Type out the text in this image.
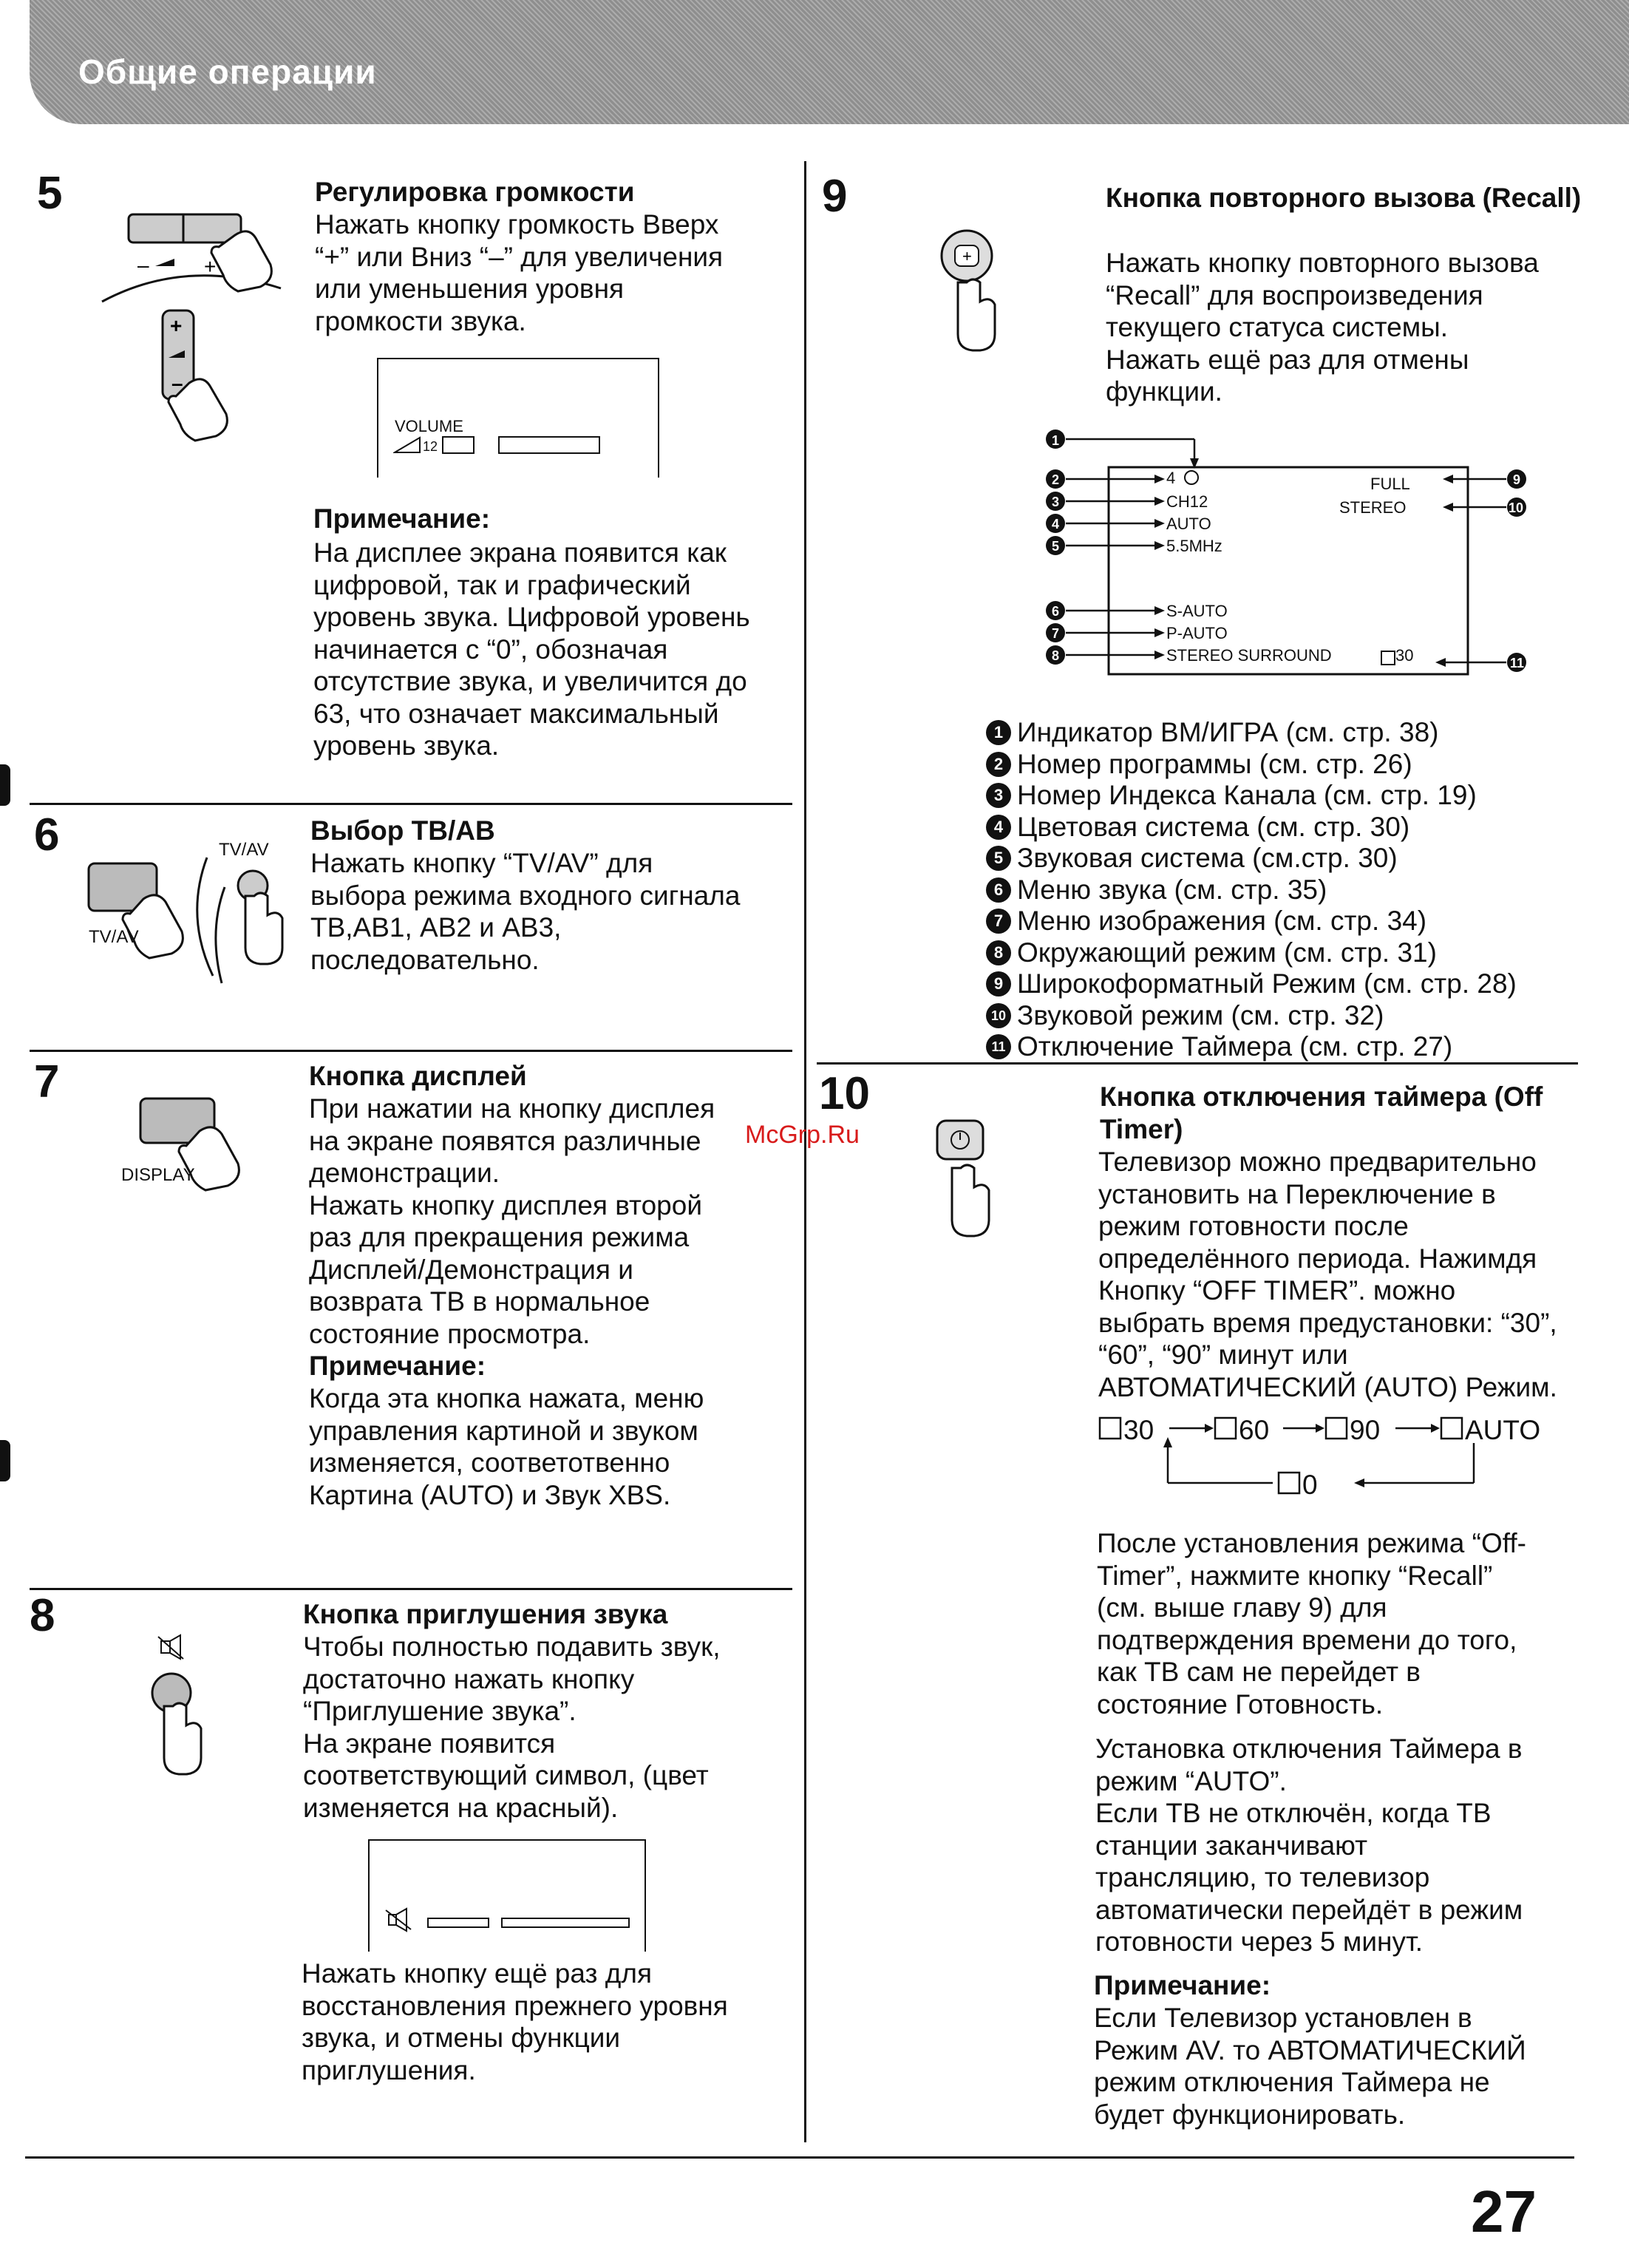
Общие операции
5
–	+
+
–
Регулировка громкости
Нажать кнопку громкость Вверх
“+” или Вниз “–” для увеличения
или уменьшения уровня
громкости звука.
VOLUME
12
Примечание:
На дисплее экрана появится как
цифровой, так и графический
уровень звука. Цифровой уровень
начинается с “0”, обозначая
отсутствие звука, и увеличится до
63, что означает максимальный
уровень звука.
6	TV/AV
TV/AV
Выбор ТВ/АВ
Нажать кнопку “TV/AV” для
выбора режима входного сигнала
ТВ,АВ1, АВ2 и АВ3,
последовательно.
7
DISPLAY
Кнопка дисплей
При нажатии на кнопку дисплея
на экране появятся различные
демонстрации.
Нажать кнопку дисплея второй
раз для прекращения режима
Дисплей/Демонстрация и
возврата ТВ в нормальное
состояние просмотра.
Примечание:
Когда эта кнопка нажата, меню
управления картиной и звуком
изменяется, соответотвенно
Картина (AUTO) и Звук XBS.
8	Кнопка приглушения звука
Чтобы полностью подавить звук,
достаточно нажать кнопку
“Приглушение звука”.
На экране появится
соответствующий символ, (цвет
изменяется на красный).
Нажать кнопку ещё раз для
восстановления прежнего уровня
звука, и отмены функции
приглушения.
9
+
Кнопка повторного вызова (Recall)
Нажать кнопку повторного вызова
“Recall” для воспроизведения
текущего статуса системы.
Нажать ещё раз для отмены
функции.
1
2
3
4
5
6
7
8
9
10
11
4
CH12
AUTO
5.5MHz
S-AUTO
P-AUTO
STEREO SURROUND
FULL
STEREO
30
1 Индикатор ВМ/ИГРА (см. стр. 38)
2 Номер программы (см. стр. 26)
3 Номер Индекса Канала (см. стр. 19)
4 Цветовая система (см. стр. 30)
5 Звуковая система (см.стр. 30)
6 Меню звука (см. стр. 35)
7 Меню изображения (см. стр. 34)
8 Окружающий режим (см. стр. 31)
9 Широкоформатный Режим (см. стр. 28)
10 Звуковой режим (см. стр. 32)
11 Отключение Таймера (см. стр. 27)
10	Кнопка отключения таймера (Off Timer)
Телевизор можно предварительно
установить на Переключение в
режим готовности после
определённого периода. Нажимдя
Кнопку “OFF TIMER”. можно
выбрать время предустановки: “30”,
“60”, “90” минут или
АВТОМАТИЧЕСКИЙ (AUTO) Режим.
30	60	90	AUTO
0
После установления режима “Off-
Timer”, нажмите кнопку “Recall”
(см. выше главу 9) для
подтверждения времени до того,
как ТВ сам не перейдет в
состояние Готовность.
Установка отключения Таймера в
режим “AUTO”.
Если ТВ не отключён, когда ТВ
станции заканчивают
трансляцию, то телевизор
автоматически перейдёт в режим
готовности через 5 минут.
Примечание:
Если Телевизор установлен в
Режим AV. то АВТОМАТИЧЕСКИЙ
режим отключения Таймера не
будет функционировать.
McGrp.Ru
27
